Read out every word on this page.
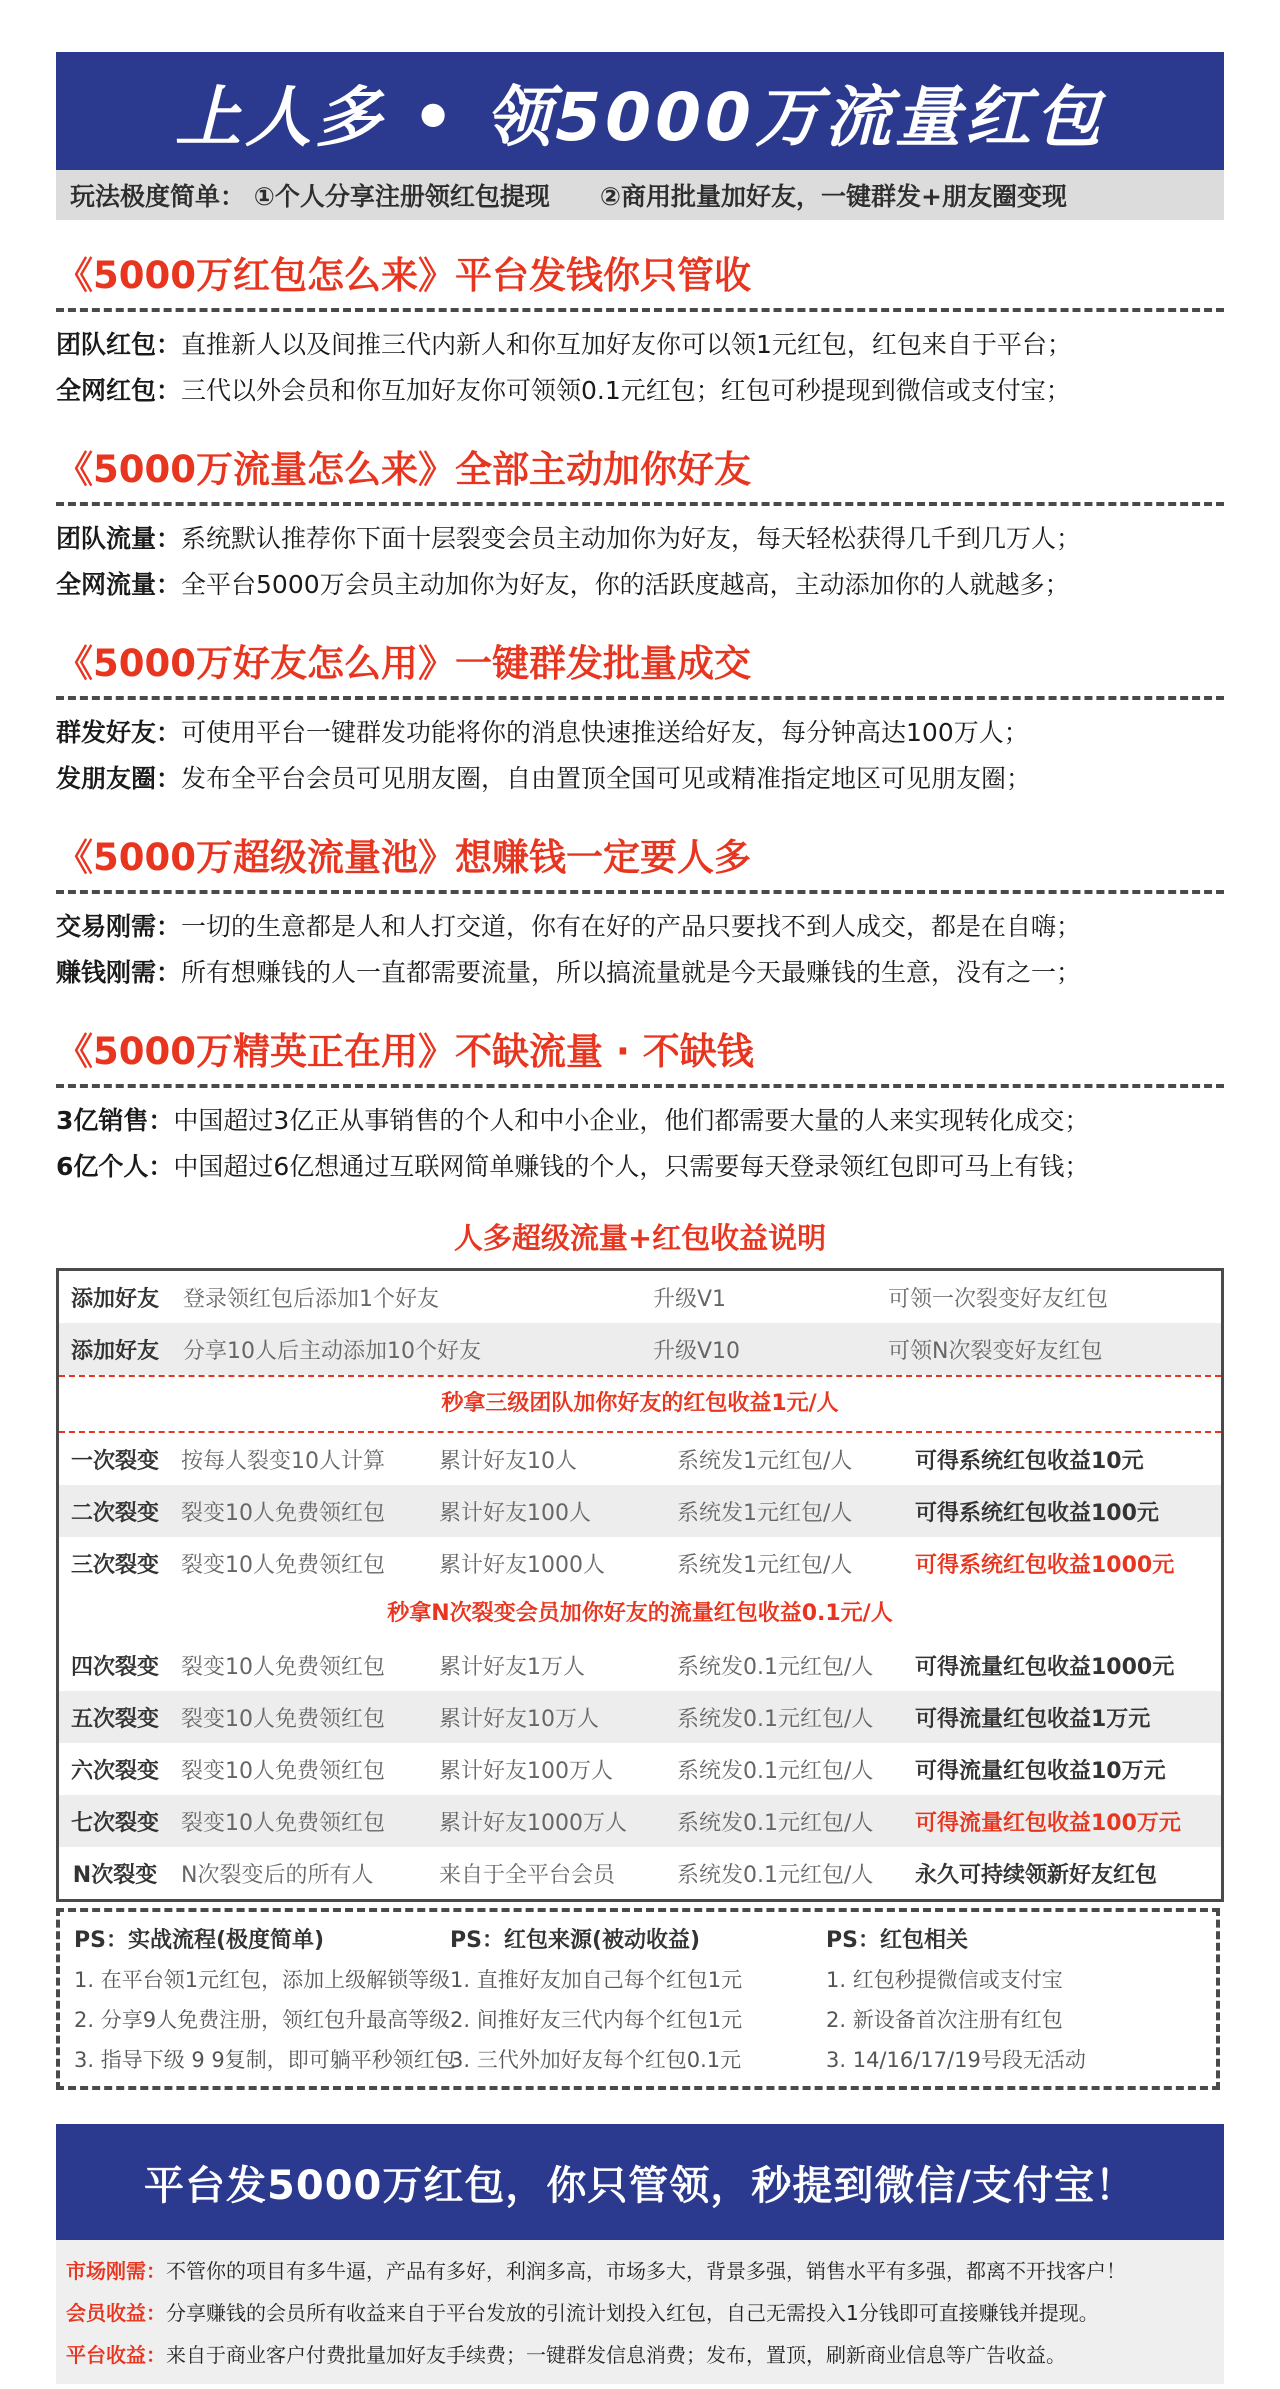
上人多 • 领5000万流量红包
玩法极度简单： ①个人分享注册领红包提现 ②商用批量加好友，一键群发+朋友圈变现
《5000万红包怎么来》平台发钱你只管收
团队红包：直推新人以及间推三代内新人和你互加好友你可以领1元红包，红包来自于平台；
全网红包：三代以外会员和你互加好友你可领领0.1元红包；红包可秒提现到微信或支付宝；
《5000万流量怎么来》全部主动加你好友
团队流量：系统默认推荐你下面十层裂变会员主动加你为好友，每天轻松获得几千到几万人；
全网流量：全平台5000万会员主动加你为好友，你的活跃度越高，主动添加你的人就越多；
《5000万好友怎么用》一键群发批量成交
群发好友：可使用平台一键群发功能将你的消息快速推送给好友，每分钟高达100万人；
发朋友圈：发布全平台会员可见朋友圈，自由置顶全国可见或精准指定地区可见朋友圈；
《5000万超级流量池》想赚钱一定要人多
交易刚需：一切的生意都是人和人打交道，你有在好的产品只要找不到人成交，都是在自嗨；
赚钱刚需：所有想赚钱的人一直都需要流量，所以搞流量就是今天最赚钱的生意，没有之一；
《5000万精英正在用》不缺流量 · 不缺钱
3亿销售：中国超过3亿正从事销售的个人和中小企业，他们都需要大量的人来实现转化成交；
6亿个人：中国超过6亿想通过互联网简单赚钱的个人，只需要每天登录领红包即可马上有钱；
人多超级流量+红包收益说明
添加好友	登录领红包后添加1个好友	升级V1	可领一次裂变好友红包
添加好友	分享10人后主动添加10个好友	升级V10	可领N次裂变好友红包
秒拿三级团队加你好友的红包收益1元/人
一次裂变	按每人裂变10人计算	累计好友10人	系统发1元红包/人	可得系统红包收益10元
二次裂变	裂变10人免费领红包	累计好友100人	系统发1元红包/人	可得系统红包收益100元
三次裂变	裂变10人免费领红包	累计好友1000人	系统发1元红包/人	可得系统红包收益1000元
秒拿N次裂变会员加你好友的流量红包收益0.1元/人
四次裂变	裂变10人免费领红包	累计好友1万人	系统发0.1元红包/人	可得流量红包收益1000元
五次裂变	裂变10人免费领红包	累计好友10万人	系统发0.1元红包/人	可得流量红包收益1万元
六次裂变	裂变10人免费领红包	累计好友100万人	系统发0.1元红包/人	可得流量红包收益10万元
七次裂变	裂变10人免费领红包	累计好友1000万人	系统发0.1元红包/人	可得流量红包收益100万元
N次裂变	N次裂变后的所有人	来自于全平台会员	系统发0.1元红包/人	永久可持续领新好友红包
PS：实战流程(极度简单)
1. 在平台领1元红包，添加上级解锁等级
2. 分享9人免费注册，领红包升最高等级
3. 指导下级 9 9复制，即可躺平秒领红包
PS：红包来源(被动收益)
1. 直推好友加自己每个红包1元
2. 间推好友三代内每个红包1元
3. 三代外加好友每个红包0.1元
PS：红包相关
1. 红包秒提微信或支付宝
2. 新设备首次注册有红包
3. 14/16/17/19号段无活动
平台发5000万红包，你只管领，秒提到微信/支付宝！
市场刚需：不管你的项目有多牛逼，产品有多好，利润多高，市场多大，背景多强，销售水平有多强，都离不开找客户！
会员收益：分享赚钱的会员所有收益来自于平台发放的引流计划投入红包，自己无需投入1分钱即可直接赚钱并提现。
平台收益：来自于商业客户付费批量加好友手续费；一键群发信息消费；发布，置顶，刷新商业信息等广告收益。
